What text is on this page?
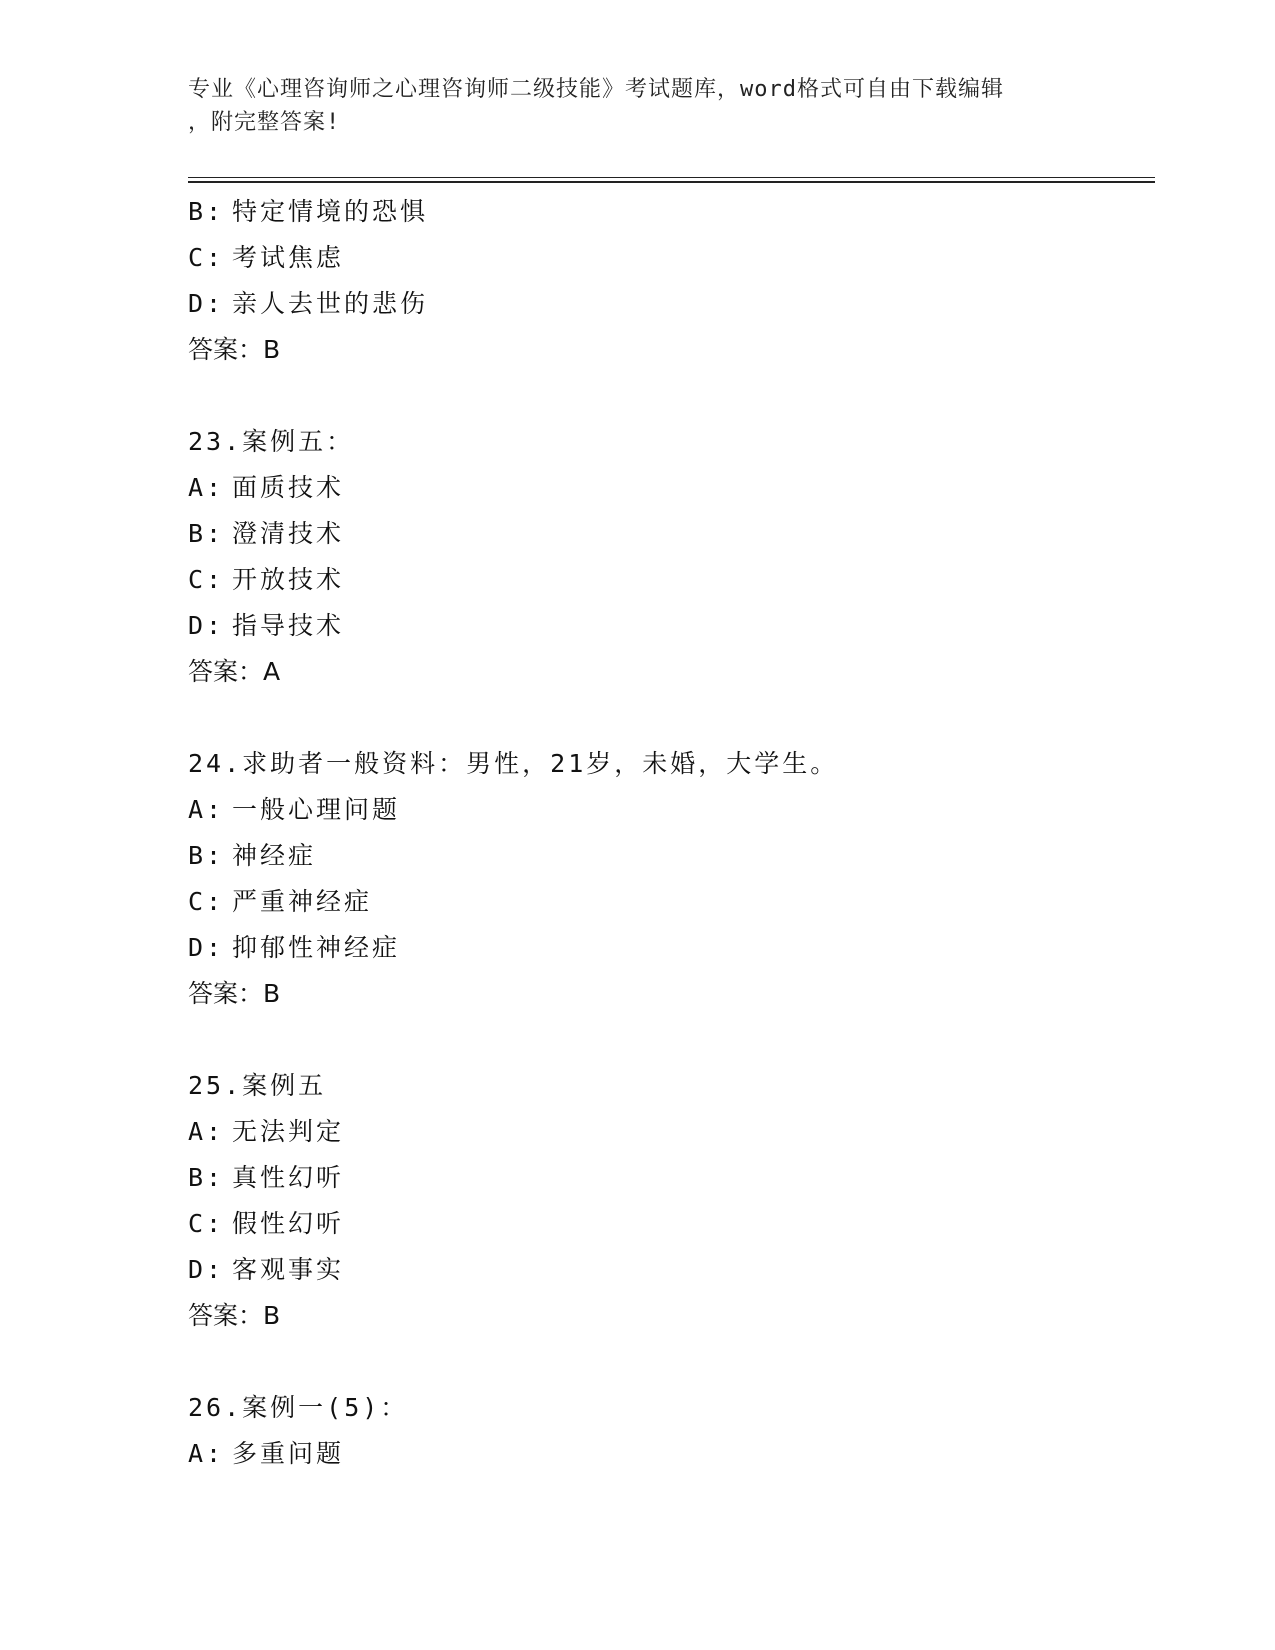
专业《心理咨询师之心理咨询师二级技能》考试题库，word格式可自由下载编辑
，附完整答案!
B: 特定情境的恐惧
C: 考试焦虑
D: 亲人去世的悲伤
答案：B
23.案例五：
A: 面质技术
B: 澄清技术
C: 开放技术
D: 指导技术
答案：A
24.求助者一般资料：男性，21岁，未婚，大学生。
A: 一般心理问题
B: 神经症
C: 严重神经症
D: 抑郁性神经症
答案：B
25.案例五
A: 无法判定
B: 真性幻听
C: 假性幻听
D: 客观事实
答案：B
26.案例一(5)：
A: 多重问题
